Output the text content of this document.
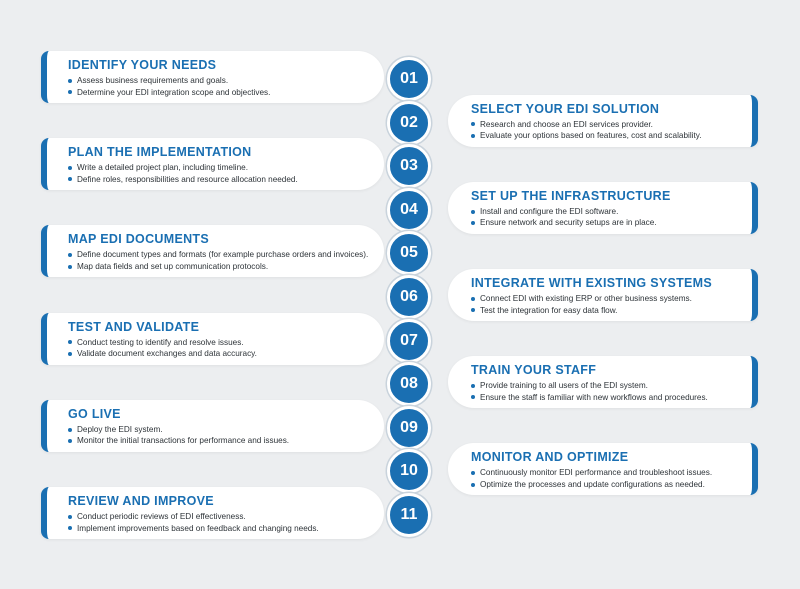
IDENTIFY YOUR NEEDS
Assess business requirements and goals.
Determine your EDI integration scope and objectives.
01
SELECT YOUR EDI SOLUTION
Research and choose an EDI services provider.
Evaluate your options based on features, cost and scalability.
02
PLAN THE IMPLEMENTATION
Write a detailed project plan, including timeline.
Define roles, responsibilities and resource allocation needed.
03
SET UP THE INFRASTRUCTURE
Install and configure the EDI software.
Ensure network and security setups are in place.
04
MAP EDI DOCUMENTS
Define document types and formats (for example purchase orders and invoices).
Map data fields and set up communication protocols.
05
INTEGRATE WITH EXISTING SYSTEMS
Connect EDI with existing ERP or other business systems.
Test the integration for easy data flow.
06
TEST AND VALIDATE
Conduct testing to identify and resolve issues.
Validate document exchanges and data accuracy.
07
TRAIN YOUR STAFF
Provide training to all users of the EDI system.
Ensure the staff is familiar with new workflows and procedures.
08
GO LIVE
Deploy the EDI system.
Monitor the initial transactions for performance and issues.
09
MONITOR AND OPTIMIZE
Continuously monitor EDI performance and troubleshoot issues.
Optimize the processes and update configurations as needed.
10
REVIEW AND IMPROVE
Conduct periodic reviews of EDI effectiveness.
Implement improvements based on feedback and changing needs.
11
